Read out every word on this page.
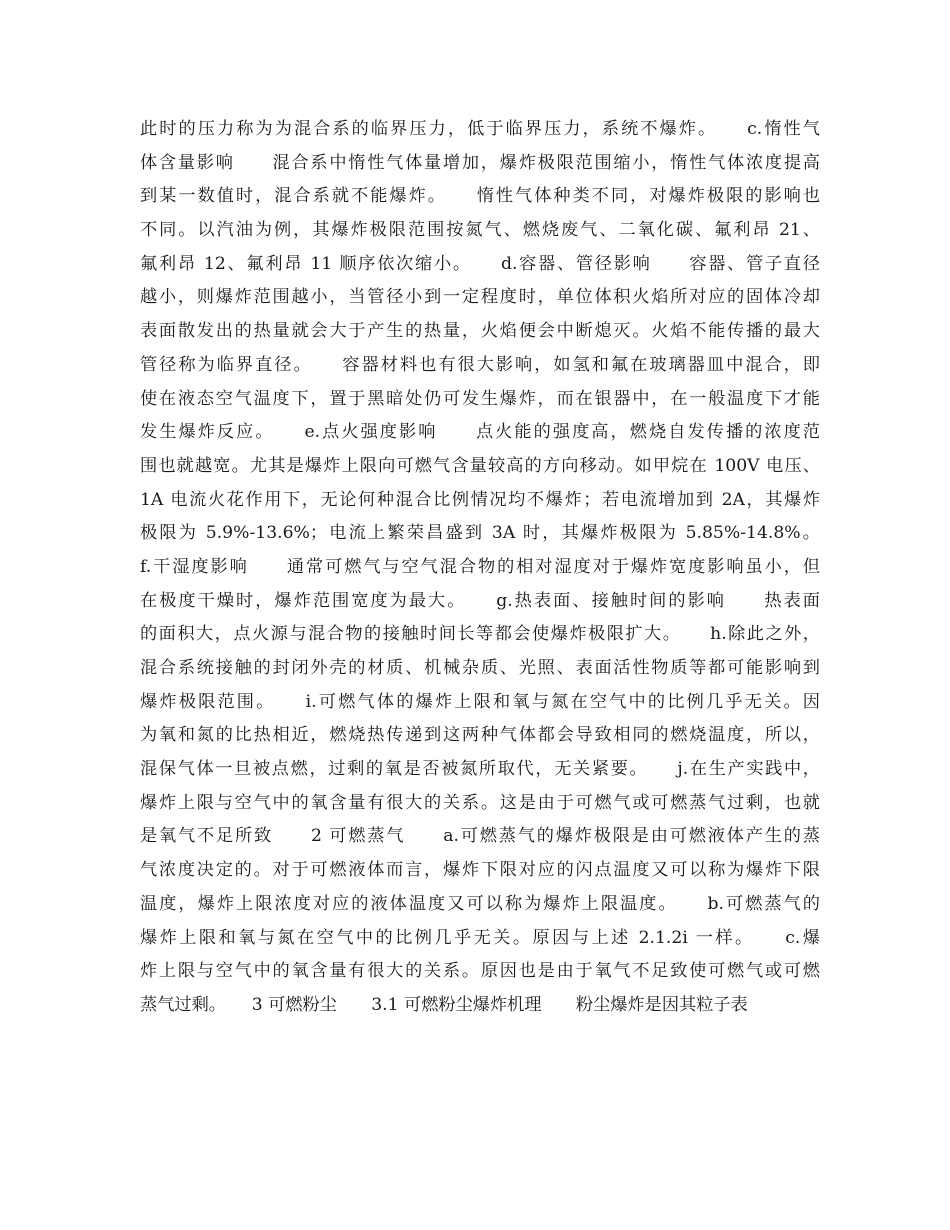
此时的压力称为为混合系的临界压力，低于临界压力，系统不爆炸。　　c.惰性气
体含量影响　　混合系中惰性气体量增加，爆炸极限范围缩小，惰性气体浓度提高
到某一数值时，混合系就不能爆炸。　　惰性气体种类不同，对爆炸极限的影响也
不同。以汽油为例，其爆炸极限范围按氮气、燃烧废气、二氧化碳、氟利昂 21、
氟利昂 12、氟利昂 11 顺序依次缩小。　　d.容器、管径影响　　容器、管子直径
越小，则爆炸范围越小，当管径小到一定程度时，单位体积火焰所对应的固体冷却
表面散发出的热量就会大于产生的热量，火焰便会中断熄灭。火焰不能传播的最大
管径称为临界直径。　　容器材料也有很大影响，如氢和氟在玻璃器皿中混合，即
使在液态空气温度下，置于黑暗处仍可发生爆炸，而在银器中，在一般温度下才能
发生爆炸反应。　　e.点火强度影响　　点火能的强度高，燃烧自发传播的浓度范
围也就越宽。尤其是爆炸上限向可燃气含量较高的方向移动。如甲烷在 100V 电压、
1A 电流火花作用下，无论何种混合比例情况均不爆炸；若电流增加到 2A，其爆炸
极限为 5.9%-13.6%；电流上繁荣昌盛到 3A 时，其爆炸极限为 5.85%-14.8%。
f.干湿度影响　　通常可燃气与空气混合物的相对湿度对于爆炸宽度影响虽小，但
在极度干燥时，爆炸范围宽度为最大。　　g.热表面、接触时间的影响　　热表面
的面积大，点火源与混合物的接触时间长等都会使爆炸极限扩大。　　h.除此之外，
混合系统接触的封闭外壳的材质、机械杂质、光照、表面活性物质等都可能影响到
爆炸极限范围。　　i.可燃气体的爆炸上限和氧与氮在空气中的比例几乎无关。因
为氧和氮的比热相近，燃烧热传递到这两种气体都会导致相同的燃烧温度，所以，
混保气体一旦被点燃，过剩的氧是否被氮所取代，无关紧要。　　j.在生产实践中，
爆炸上限与空气中的氧含量有很大的关系。这是由于可燃气或可燃蒸气过剩，也就
是氧气不足所致　　2 可燃蒸气　　a.可燃蒸气的爆炸极限是由可燃液体产生的蒸
气浓度决定的。对于可燃液体而言，爆炸下限对应的闪点温度又可以称为爆炸下限
温度，爆炸上限浓度对应的液体温度又可以称为爆炸上限温度。　　b.可燃蒸气的
爆炸上限和氧与氮在空气中的比例几乎无关。原因与上述 2.1.2i 一样。　　c.爆
炸上限与空气中的氧含量有很大的关系。原因也是由于氧气不足致使可燃气或可燃
蒸气过剩。　　3 可燃粉尘　　3.1 可燃粉尘爆炸机理　　粉尘爆炸是因其粒子表
